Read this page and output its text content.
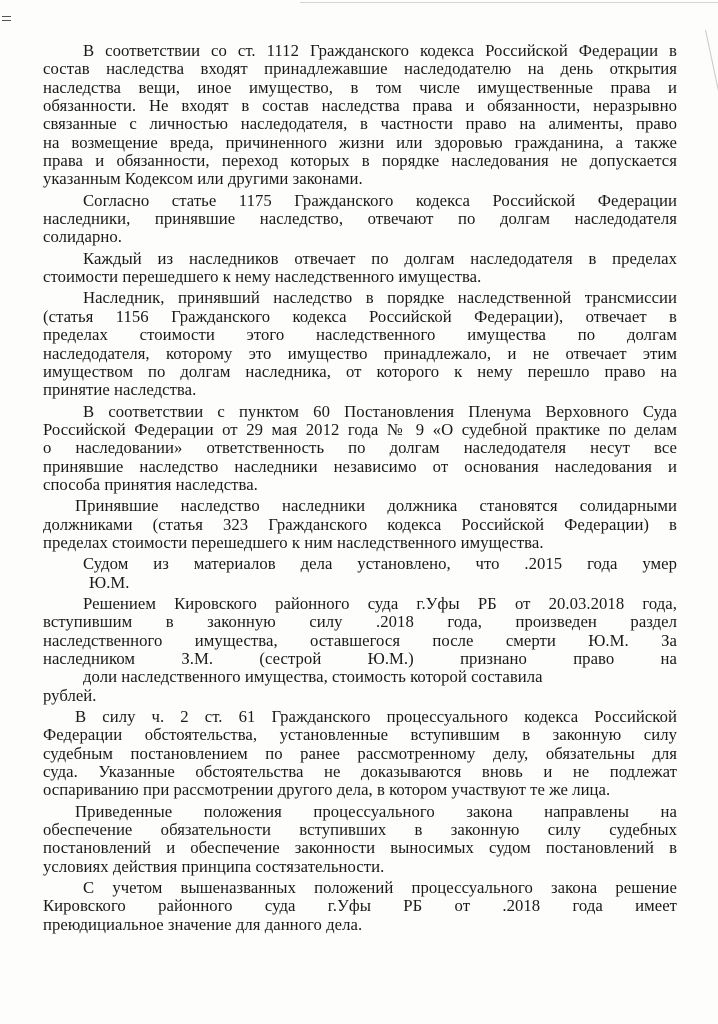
В соответствии со ст. 1112 Гражданского кодекса Российской Федерации в
состав наследства входят принадлежавшие наследодателю на день открытия
наследства вещи, иное имущество, в том числе имущественные права и
обязанности. Не входят в состав наследства права и обязанности, неразрывно
связанные с личностью наследодателя, в частности право на алименты, право
на возмещение вреда, причиненного жизни или здоровью гражданина, а также
права и обязанности, переход которых в порядке наследования не допускается
указанным Кодексом или другими законами.

Согласно статье 1175 Гражданского кодекса Российской Федерации
наследники, принявшие наследство, отвечают по долгам наследодателя
солидарно.

Каждый из наследников отвечает по долгам наследодателя в пределах
стоимости перешедшего к нему наследственного имущества.

Наследник, принявший наследство в порядке наследственной трансмиссии
(статья 1156 Гражданского кодекса Российской Федерации), отвечает в
пределах стоимости этого наследственного имущества по долгам
наследодателя, которому это имущество принадлежало, и не отвечает этим
имуществом по долгам наследника, от которого к нему перешло право на
принятие наследства.

В соответствии с пунктом 60 Постановления Пленума Верховного Суда
Российской Федерации от 29 мая 2012 года № 9 «О судебной практике по делам
о наследовании» ответственность по долгам наследодателя несут все
принявшие наследство наследники независимо от основания наследования и
способа принятия наследства.

Принявшие наследство наследники должника становятся солидарными
должниками (статья 323 Гражданского кодекса Российской Федерации) в
пределах стоимости перешедшего к ним наследственного имущества.

Судом из материалов дела установлено, что .2015 года умер
Ю.М.

Решением Кировского районного суда г.Уфы РБ от 20.03.2018 года,
вступившим в законную силу .2018 года, произведен раздел
наследственного имущества, оставшегося после смерти Ю.М. За
наследником З.М. (сестрой Ю.М.) признано право на
доли наследственного имущества, стоимость которой составила
рублей.

В силу ч. 2 ст. 61 Гражданского процессуального кодекса Российской
Федерации обстоятельства, установленные вступившим в законную силу
судебным постановлением по ранее рассмотренному делу, обязательны для
суда. Указанные обстоятельства не доказываются вновь и не подлежат
оспариванию при рассмотрении другого дела, в котором участвуют те же лица.

Приведенные положения процессуального закона направлены на
обеспечение обязательности вступивших в законную силу судебных
постановлений и обеспечение законности выносимых судом постановлений в
условиях действия принципа состязательности.

С учетом вышеназванных положений процессуального закона решение
Кировского районного суда г.Уфы РБ от .2018 года имеет
преюдициальное значение для данного дела.
